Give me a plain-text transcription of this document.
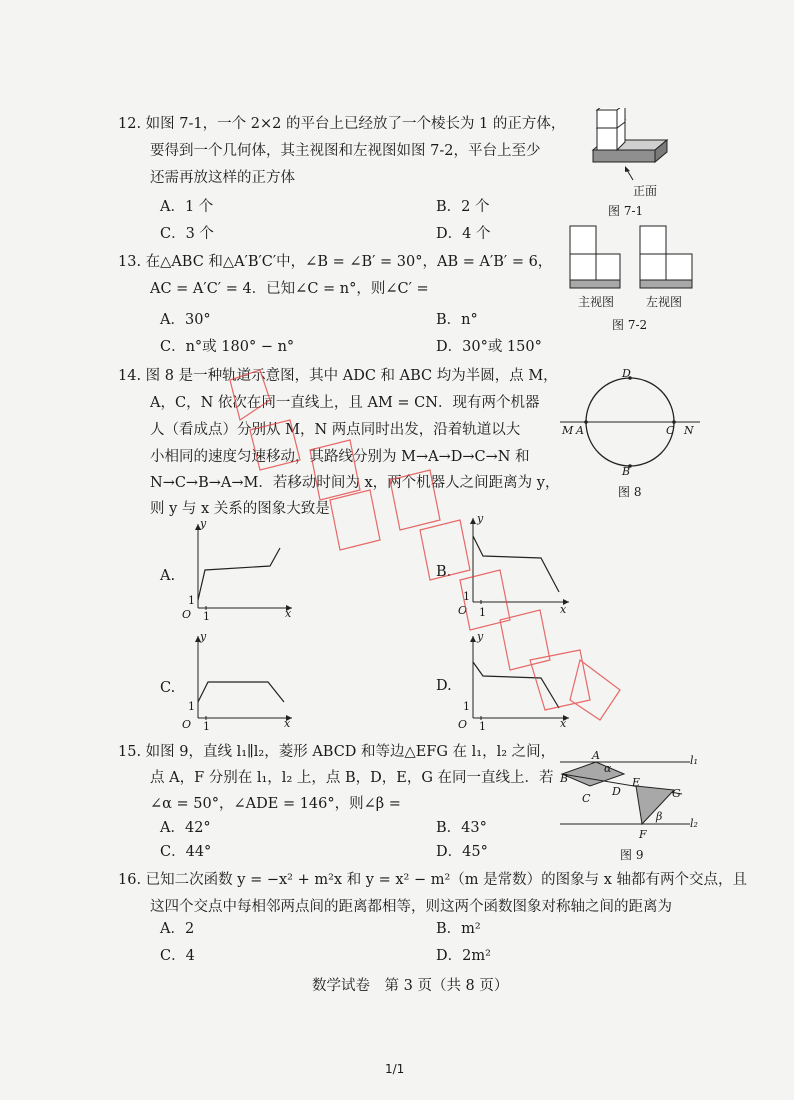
12. 如图 7-1，一个 2×2 的平台上已经放了一个棱长为 1 的正方体，
要得到一个几何体，其主视图和左视图如图 7-2，平台上至少
还需再放这样的正方体
A．1 个	B．2 个
C．3 个	D．4 个
正面
图 7-1
主视图	左视图
图 7-2
13. 在△ABC 和△A′B′C′中，∠B = ∠B′ = 30°，AB = A′B′ = 6，
AC = A′C′ = 4．已知∠C = n°，则∠C′ =
A．30°	B．n°
C．n°或 180° − n°	D．30°或 150°
14. 图 8 是一种轨道示意图，其中 ADC 和 ABC 均为半圆，点 M，
A，C，N 依次在同一直线上，且 AM = CN．现有两个机器
人（看成点）分别从 M，N 两点同时出发，沿着轨道以大
小相同的速度匀速移动，其路线分别为 M→A→D→C→N 和
N→C→B→A→M．若移动时间为 x，两个机器人之间距离为 y，
则 y 与 x 关系的图象大致是
D
B
M A	C N
图 8
A.
y
x
O 1
1
B.
y
x
O 1
1
C.
y
x
O 1
1
D.
y
x
O 1
1
15. 如图 9，直线 l₁∥l₂，菱形 ABCD 和等边△EFG 在 l₁，l₂ 之间，
点 A，F 分别在 l₁，l₂ 上，点 B，D，E，G 在同一直线上．若
∠α = 50°，∠ADE = 146°，则∠β =
A．42°	B．43°
C．44°	D．45°
A
B
C
D
E
F
G
l₁
l₂
α
β
图 9
16. 已知二次函数 y = −x² + m²x 和 y = x² − m²（m 是常数）的图象与 x 轴都有两个交点，且
这四个交点中每相邻两点间的距离都相等，则这两个函数图象对称轴之间的距离为
A．2	B．m²
C．4	D．2m²
数学试卷　第 3 页（共 8 页）
1/1
